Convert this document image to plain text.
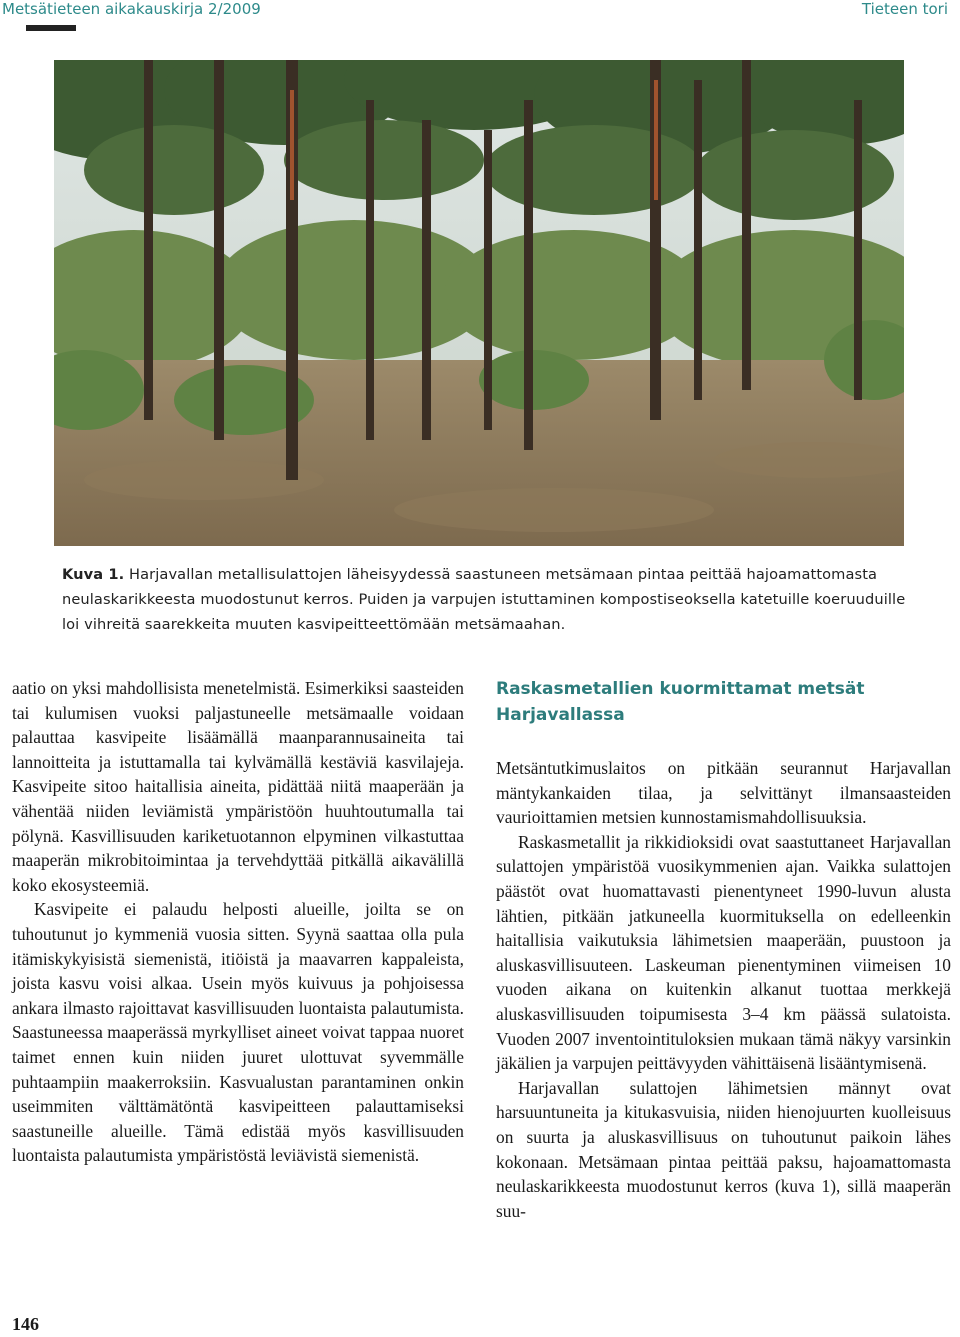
Metsätieteen aikakauskirja 2/2009	Tieteen tori
Kuva 1. Harjavallan metallisulattojen läheisyydessä saastuneen metsämaan pintaa peittää hajoamattomasta neulaskarikkeesta muodostunut kerros. Puiden ja varpujen istuttaminen kompostiseoksella katetuille koeruuduille loi vihreitä saarekkeita muuten kasvipeitteettömään metsämaahan.

aatio on yksi mahdollisista menetelmistä. Esimerkiksi saasteiden tai kulumisen vuoksi paljastuneelle metsämaalle voidaan palauttaa kasvipeite lisäämällä maanparannusaineita tai lannoitteita ja istuttamalla tai kylvämällä kestäviä kasvilajeja. Kasvipeite sitoo haitallisia aineita, pidättää niitä maaperään ja vähentää niiden leviämistä ympäristöön huuhtoutumalla tai pölynä. Kasvillisuuden kariketuotannon elpyminen vilkastuttaa maaperän mikrobitoimintaa ja tervehdyttää pitkällä aikavälillä koko ekosysteemiä.

Kasvipeite ei palaudu helposti alueille, joilta se on tuhoutunut jo kymmeniä vuosia sitten. Syynä saattaa olla pula itämiskykyisistä siemenistä, itiöistä ja maavarren kappaleista, joista kasvu voisi alkaa. Usein myös kuivuus ja pohjoisessa ankara ilmasto rajoittavat kasvillisuuden luontaista palautumista. Saastuneessa maaperässä myrkylliset aineet voivat tappaa nuoret taimet ennen kuin niiden juuret ulottuvat syvemmälle puhtaampiin maakerroksiin. Kasvualustan parantaminen onkin useimmiten välttämätöntä kasvipeitteen palauttamiseksi saastuneille alueille. Tämä edistää myös kasvillisuuden luontaista palautumista ympäristöstä leviävistä siemenistä.

Raskasmetallien kuormittamat metsät Harjavallassa

Metsäntutkimuslaitos on pitkään seurannut Harjavallan mäntykankaiden tilaa, ja selvittänyt ilmansaasteiden vaurioittamien metsien kunnostamismahdollisuuksia.

Raskasmetallit ja rikkidioksidi ovat saastuttaneet Harjavallan sulattojen ympäristöä vuosikymmenien ajan. Vaikka sulattojen päästöt ovat huomattavasti pienentyneet 1990-luvun alusta lähtien, pitkään jatkuneella kuormituksella on edelleenkin haitallisia vaikutuksia lähimetsien maaperään, puustoon ja aluskasvillisuuteen. Laskeuman pienentyminen viimeisen 10 vuoden aikana on kuitenkin alkanut tuottaa merkkejä aluskasvillisuuden toipumisesta 3–4 km päässä sulatoista. Vuoden 2007 inventointituloksien mukaan tämä näkyy varsinkin jäkälien ja varpujen peittävyyden vähittäisenä lisääntymisenä.

Harjavallan sulattojen lähimetsien männyt ovat harsuuntuneita ja kitukasvuisia, niiden hienojuurten kuolleisuus on suurta ja aluskasvillisuus on tuhoutunut paikoin lähes kokonaan. Metsämaan pintaa peittää paksu, hajoamattomasta neulaskarikkeesta muodostunut kerros (kuva 1), sillä maaperän suu-

146
